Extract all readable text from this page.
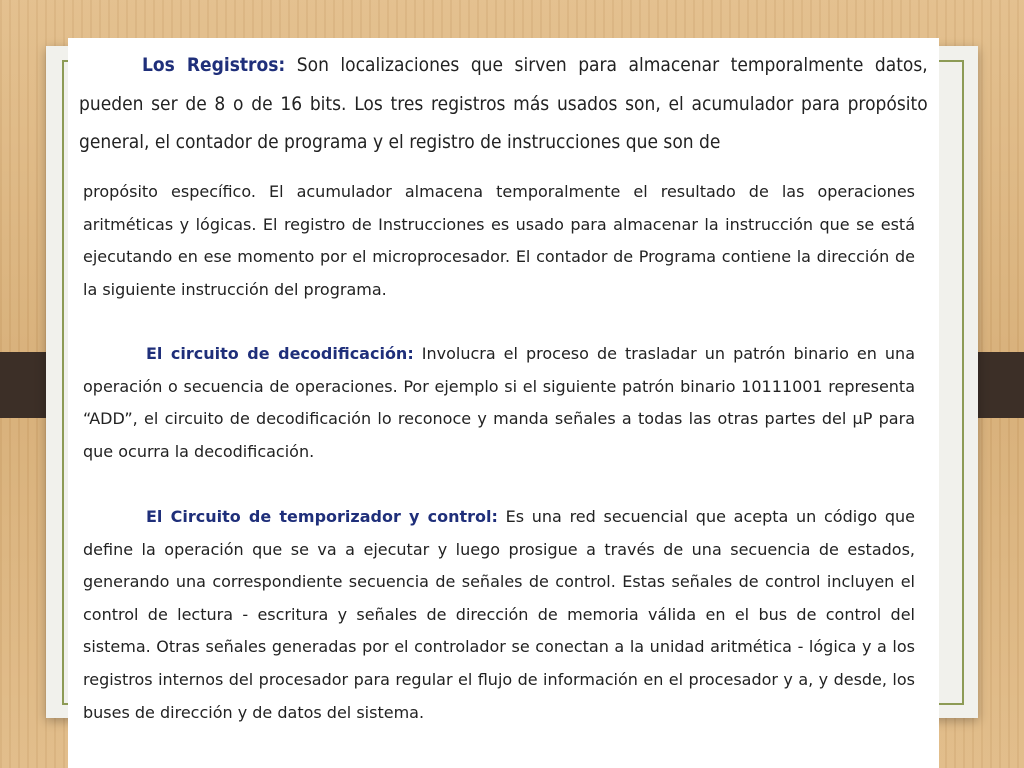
Los Registros: Son localizaciones que sirven para almacenar temporalmente datos, pueden ser de 8 o de 16 bits. Los tres registros más usados son, el acumulador para propósito general, el contador de programa y el registro de instrucciones que son de
propósito específico. El acumulador almacena temporalmente el resultado de las operaciones aritméticas y lógicas. El registro de Instrucciones es usado para almacenar la instrucción que se está ejecutando en ese momento por el microprocesador. El contador de Programa contiene la dirección de la siguiente instrucción del programa.
El circuito de decodificación: Involucra el proceso de trasladar un patrón binario en una operación o secuencia de operaciones. Por ejemplo si el siguiente patrón binario 10111001 representa “ADD”, el circuito de decodificación lo reconoce y manda señales a todas las otras partes del µP para que ocurra la decodificación.
El Circuito de temporizador y control: Es una red secuencial que acepta un código que define la operación que se va a ejecutar y luego prosigue a través de una secuencia de estados, generando una correspondiente secuencia de señales de control. Estas señales de control incluyen el control de lectura - escritura y señales de dirección de memoria válida en el bus de control del sistema. Otras señales generadas por el controlador se conectan a la unidad aritmética - lógica y a los registros internos del procesador para regular el flujo de información en el procesador y a, y desde, los buses de dirección y de datos del sistema.
